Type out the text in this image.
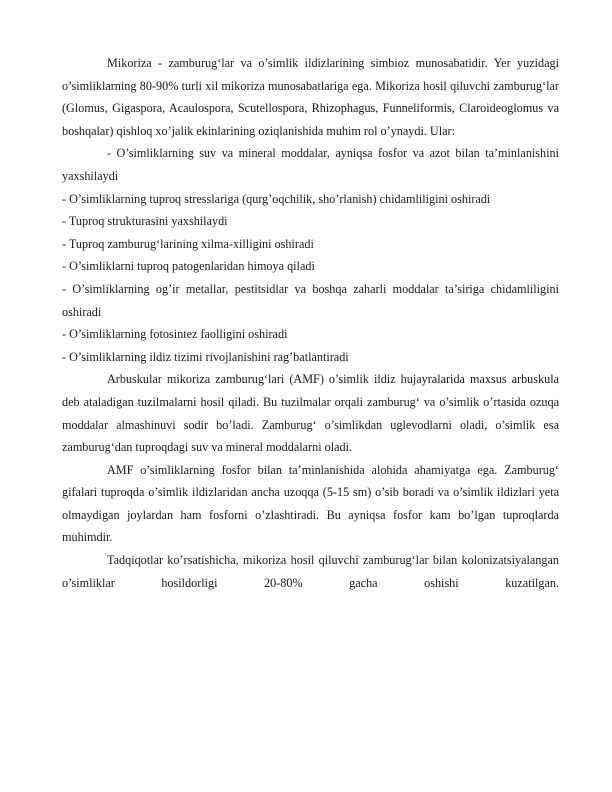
Mikoriza - zamburug‘lar va o’simlik ildizlarining simbioz munosabatidir. Yer yuzidagi o’simliklarning 80-90% turli xil mikoriza munosabatlariga ega. Mikoriza hosil qiluvchi zamburug‘lar (Glomus, Gigaspora, Acaulospora, Scutellospora, Rhizophagus, Funneliformis, Claroideoglomus va boshqalar) qishloq xo’jalik ekinlarining oziqlanishida muhim rol o’ynaydi. Ular:

- O’simliklarning suv va mineral moddalar, ayniqsa fosfor va azot bilan ta’minlanishini yaxshilaydi

- O’simliklarning tuproq stresslariga (qurg’oqchilik, sho’rlanish) chidamliligini oshiradi

- Tuproq strukturasini yaxshilaydi

- Tuproq zamburug‘larining xilma-xilligini oshiradi

- O’simliklarni tuproq patogenlaridan himoya qiladi

- O’simliklarning og’ir metallar, pestitsidlar va boshqa zaharli moddalar ta’siriga chidamliligini oshiradi

- O’simliklarning fotosintez faolligini oshiradi

- O’simliklarning ildiz tizimi rivojlanishini rag’batlantiradi

Arbuskular mikoriza zamburug‘lari (AMF) o’simlik ildiz hujayralarida maxsus arbuskula deb ataladigan tuzilmalarni hosil qiladi. Bu tuzilmalar orqali zamburug‘ va o’simlik o’rtasida ozuqa moddalar almashinuvi sodir bo’ladi. Zamburug‘ o’simlikdan uglevodlarni oladi, o’simlik esa zamburug‘dan tuproqdagi suv va mineral moddalarni oladi.

AMF o’simliklarning fosfor bilan ta’minlanishida alohida ahamiyatga ega. Zamburug‘ gifalari tuproqda o’simlik ildizlaridan ancha uzoqqa (5-15 sm) o’sib boradi va o’simlik ildizlari yeta olmaydigan joylardan ham fosforni o’zlashtiradi. Bu ayniqsa fosfor kam bo’lgan tuproqlarda muhimdir.

Tadqiqotlar ko’rsatishicha, mikoriza hosil qiluvchi zamburug‘lar bilan kolonizatsiyalangan o’simliklar hosildorligi 20-80% gacha oshishi kuzatilgan.
